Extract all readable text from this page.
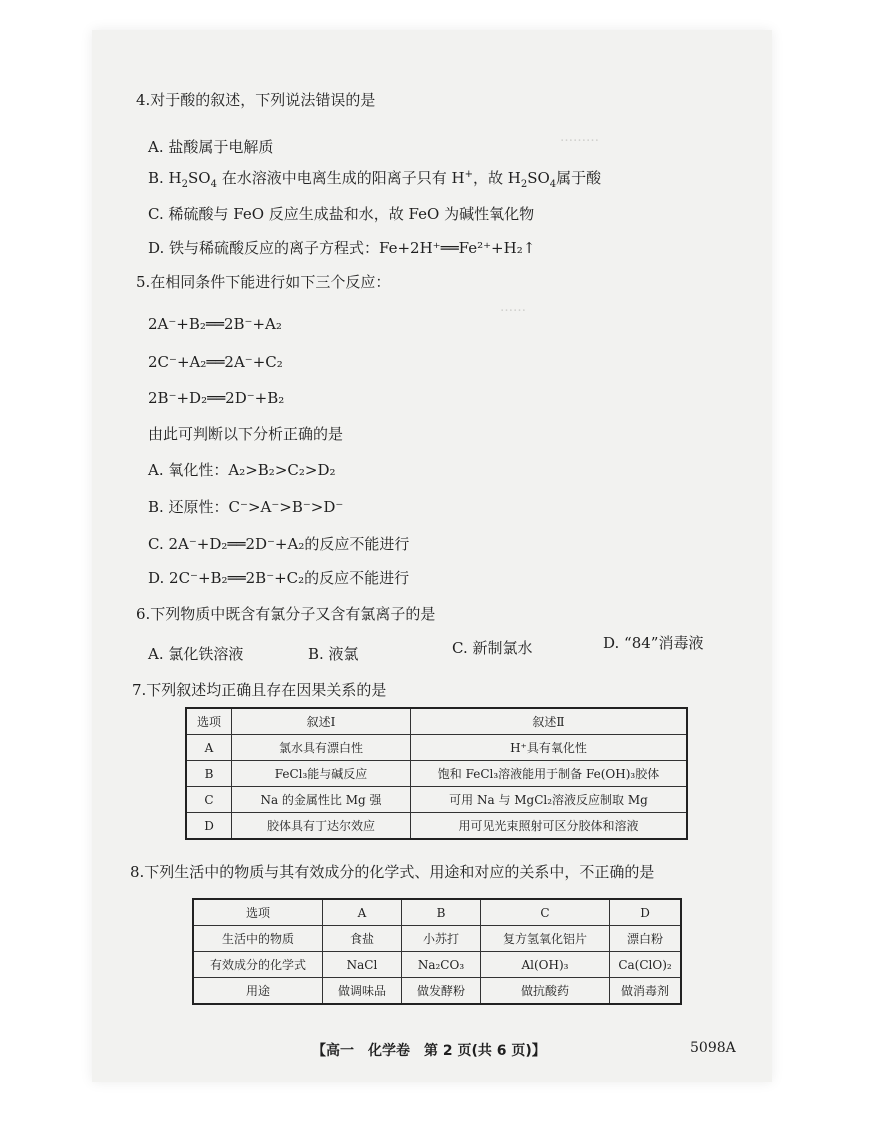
………
……
4.对于酸的叙述，下列说法错误的是
A. 盐酸属于电解质
B. $H_2SO_4$ 在水溶液中电离生成的阳离子只有 H+，故 $H_2SO_4$属于酸
C. 稀硫酸与 FeO 反应生成盐和水，故 FeO 为碱性氧化物
D. 铁与稀硫酸反应的离子方程式：Fe+2H⁺══Fe²⁺+H₂↑
5.在相同条件下能进行如下三个反应：
2A⁻+B₂══2B⁻+A₂
2C⁻+A₂══2A⁻+C₂
2B⁻+D₂══2D⁻+B₂
由此可判断以下分析正确的是
A. 氧化性：A₂>B₂>C₂>D₂
B. 还原性：C⁻>A⁻>B⁻>D⁻
C. 2A⁻+D₂══2D⁻+A₂的反应不能进行
D. 2C⁻+B₂══2B⁻+C₂的反应不能进行
6.下列物质中既含有氯分子又含有氯离子的是
A. 氯化铁溶液	B. 液氯	C. 新制氯水	D. “84”消毒液
7.下列叙述均正确且存在因果关系的是
选项	叙述Ⅰ	叙述Ⅱ
A	氯水具有漂白性	H⁺具有氧化性
B	FeCl₃能与碱反应	饱和 FeCl₃溶液能用于制备 Fe(OH)₃胶体
C	Na 的金属性比 Mg 强	可用 Na 与 MgCl₂溶液反应制取 Mg
D	胶体具有丁达尔效应	用可见光束照射可区分胶体和溶液
8.下列生活中的物质与其有效成分的化学式、用途和对应的关系中，不正确的是
选项	A	B	C	D
生活中的物质	食盐	小苏打	复方氢氧化铝片	漂白粉
有效成分的化学式	NaCl	Na₂CO₃	Al(OH)₃	Ca(ClO)₂
用途	做调味品	做发酵粉	做抗酸药	做消毒剂
【高一　化学卷　第 2 页(共 6 页)】	5098A
